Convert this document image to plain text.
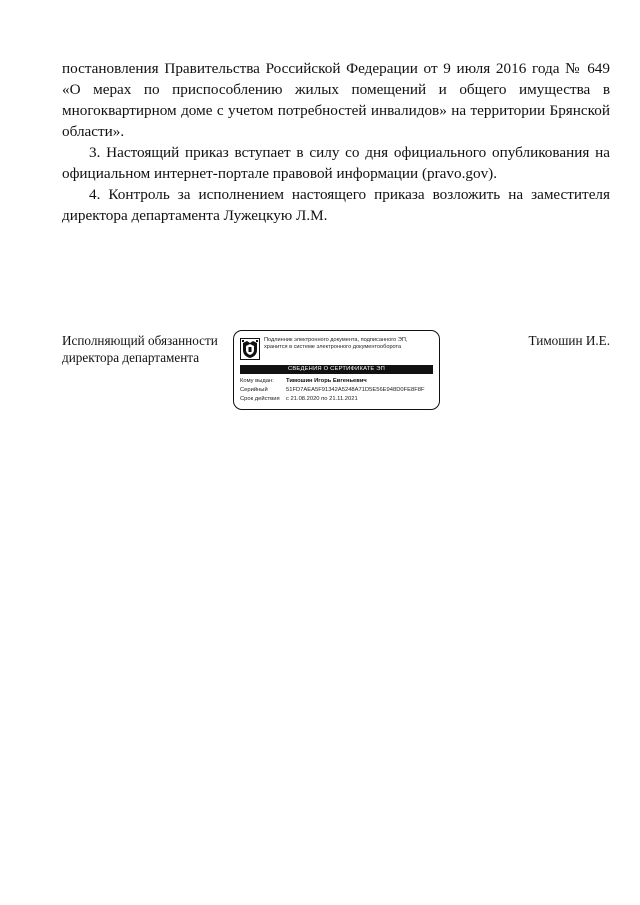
постановления Правительства Российской Федерации от 9 июля 2016 года № 649 «О мерах по приспособлению жилых помещений и общего имущества в многоквартирном доме с учетом потребностей инвалидов» на территории Брянской области».

3. Настоящий приказ вступает в силу со дня официального опубликования на официальном интернет-портале правовой информации (pravo.gov).

4. Контроль за исполнением настоящего приказа возложить на заместителя директора департамента Лужецкую Л.М.

Исполняющий обязанности
директора департамента
Тимошин И.Е.
Подлинник электронного документа, подписанного ЭП,
хранится в системе электронного документооборота
СВЕДЕНИЯ О СЕРТИФИКАТЕ ЭП
Кому выдан: Тимошин Игорь Евгеньевич
Серийный	51FD7AEA5F91342A5248A71D5E56E948D0FE8F8F
Срок действия с 21.08.2020 по 21.11.2021
